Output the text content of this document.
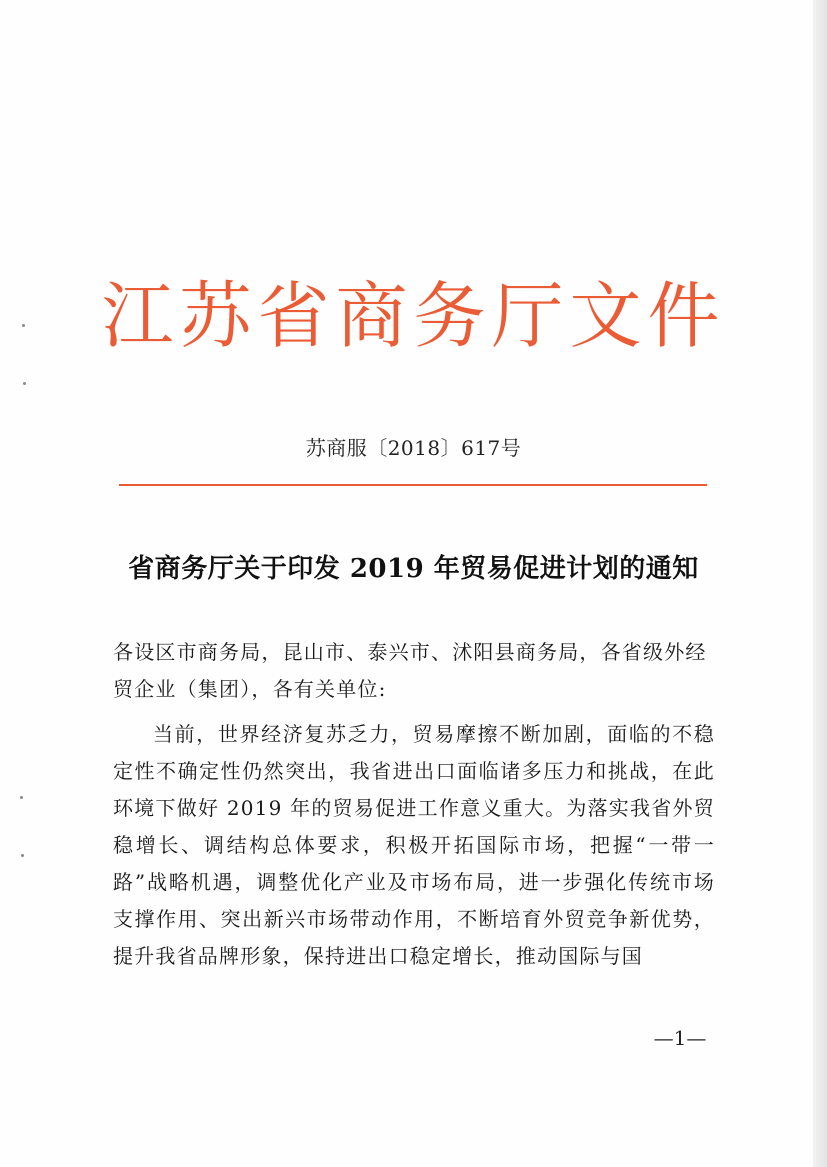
江苏省商务厅文件
苏商服〔2018〕617号
省商务厅关于印发 2019 年贸易促进计划的通知
各设区市商务局，昆山市、泰兴市、沭阳县商务局，各省级外经贸企业（集团），各有关单位:
当前，世界经济复苏乏力，贸易摩擦不断加剧，面临的不稳定性不确定性仍然突出，我省进出口面临诸多压力和挑战，在此环境下做好 2019 年的贸易促进工作意义重大。为落实我省外贸稳增长、调结构总体要求，积极开拓国际市场，把握“一带一路”战略机遇，调整优化产业及市场布局，进一步强化传统市场支撑作用、突出新兴市场带动作用，不断培育外贸竞争新优势，提升我省品牌形象，保持进出口稳定增长，推动国际与国
—1—
